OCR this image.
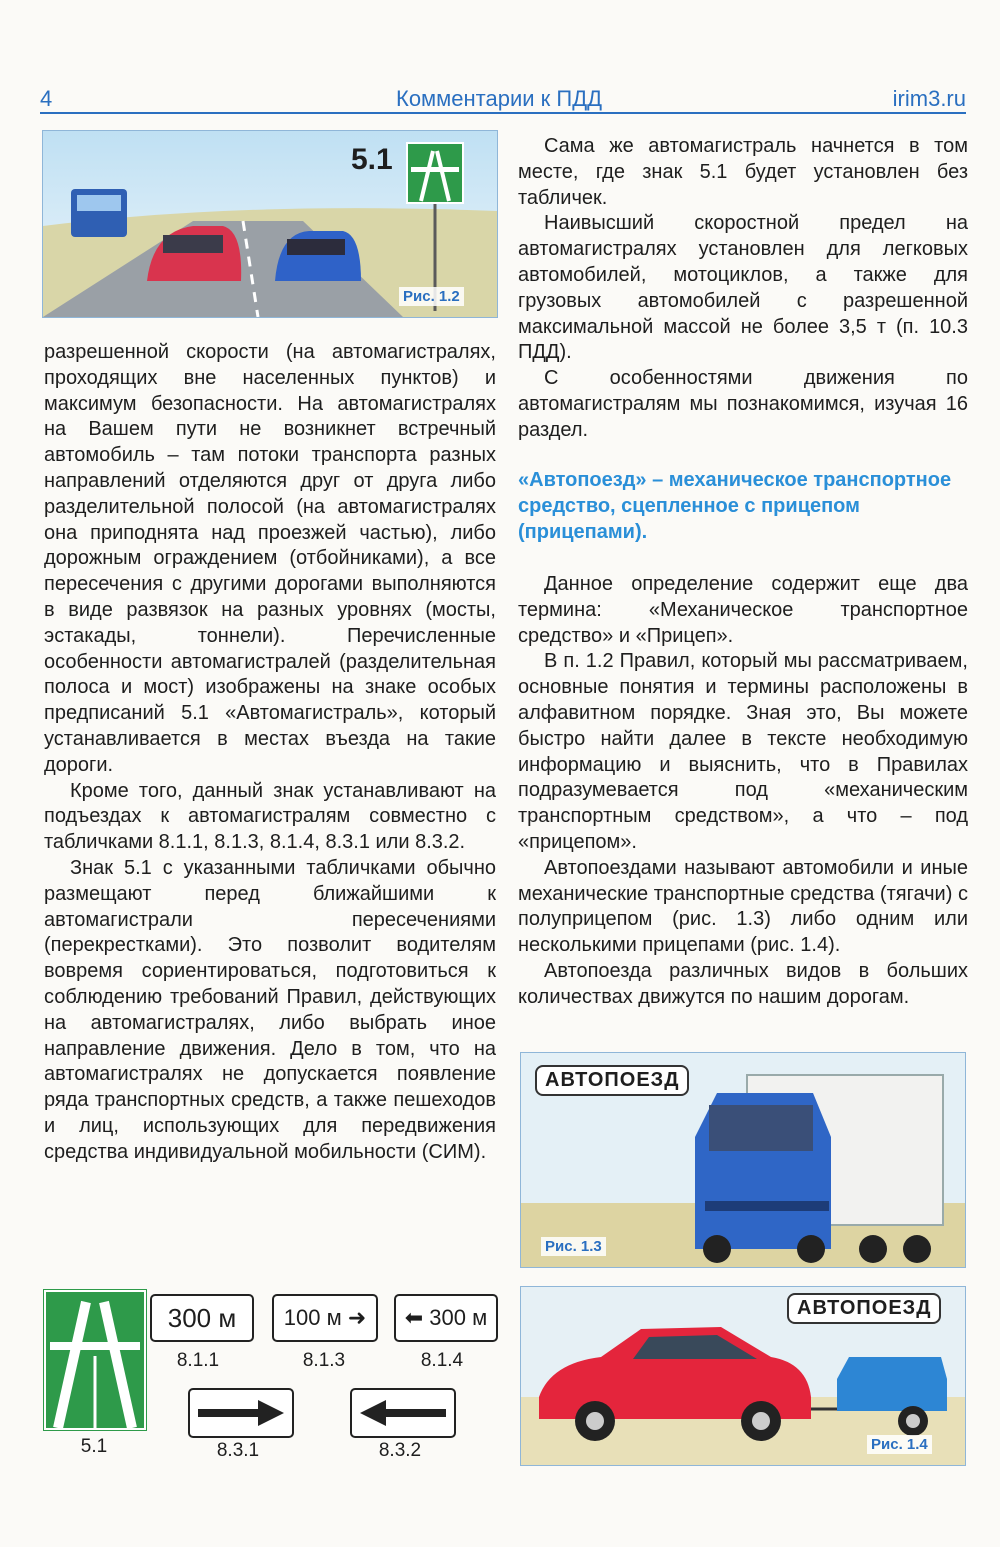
4	Комментарии к ПДД	irim3.ru
5.1
Рис. 1.2

разрешенной скорости (на автомагистралях, проходящих вне населенных пунктов) и максимум безопасности. На автомагистралях на Вашем пути не возникнет встречный автомобиль – там потоки транспорта разных направлений отделяются друг от друга либо разделительной полосой (на автомагистралях она приподнята над проезжей частью), либо дорожным ограждением (отбойниками), а все пересечения с другими дорогами выполняются в виде развязок на разных уровнях (мосты, эстакады, тоннели). Перечисленные особенности автомагистралей (разделительная полоса и мост) изображены на знаке особых предписаний 5.1 «Автомагистраль», который устанавливается в местах въезда на такие дороги.

Кроме того, данный знак устанавливают на подъездах к автомагистралям совместно с табличками 8.1.1, 8.1.3, 8.1.4, 8.3.1 или 8.3.2.

Знак 5.1 с указанными табличками обычно размещают перед ближайшими к автомагистрали пересечениями (перекрестками). Это позволит водителям вовремя сориентироваться, подготовиться к соблюдению требований Правил, действующих на автомагистралях, либо выбрать иное направление движения. Дело в том, что на автомагистралях не допускается появление ряда транспортных средств, а также пешеходов и лиц, использующих для передвижения средства индивидуальной мобильности (СИМ).

Сама же автомагистраль начнется в том месте, где знак 5.1 будет установлен без табличек.

Наивысший скоростной предел на автомагистралях установлен для легковых автомобилей, мотоциклов, а также для грузовых автомобилей с разрешенной максимальной массой не более 3,5 т (п. 10.3 ПДД).

С особенностями движения по автомагистралям мы познакомимся, изучая 16 раздел.

«Автопоезд» – механическое транспортное средство, сцепленное с прицепом (прицепами).

Данное определение содержит еще два термина: «Механическое транспортное средство» и «Прицеп».

В п. 1.2 Правил, который мы рассматриваем, основные понятия и термины расположены в алфавитном порядке. Зная это, Вы можете быстро найти далее в тексте необходимую информацию и выяснить, что в Правилах подразумевается под «механическим транспортным средством», а что – под «прицепом».

Автопоездами называют автомобили и иные механические транспортные средства (тягачи) с полуприцепом (рис. 1.3) либо одним или несколькими прицепами (рис. 1.4).

Автопоезда различных видов в больших количествах движутся по нашим дорогам.

АВТОПОЕЗД
Рис. 1.3
АВТОПОЕЗД
Рис. 1.4
5.1
300 м
8.1.1
100 м ➜
8.1.3
⬅ 300 м
8.1.4
8.3.1	8.3.2
